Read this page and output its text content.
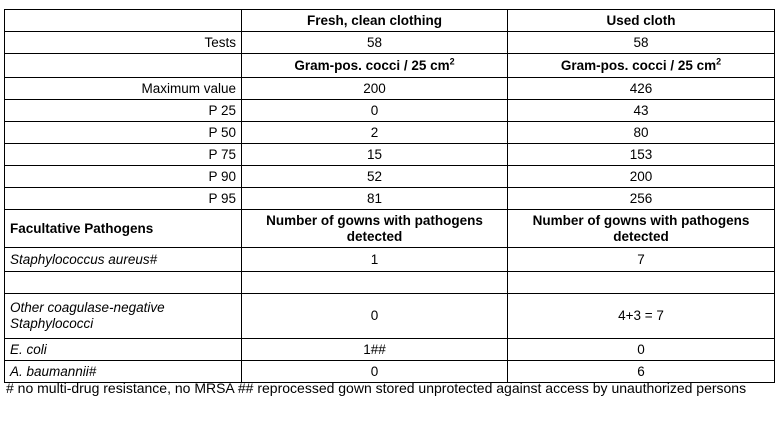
	Fresh, clean clothing	Used cloth
Tests	58	58
	Gram-pos. cocci / 25 $cm^2$	Gram-pos. cocci / 25 $cm^2$
Maximum value	200	426
P 25	0	43
P 50	2	80
P 75	15	153
P 90	52	200
P 95	81	256
Facultative Pathogens	Number of gowns with pathogens detected	Number of gowns with pathogens detected
Staphylococcus aureus#	1	7

Other coagulase-negative Staphylococci	0	4+3 = 7
E. coli	1##	0
A. baumannii#	0	6
# no multi-drug resistance, no MRSA ## reprocessed gown stored unprotected against access by unauthorized persons
